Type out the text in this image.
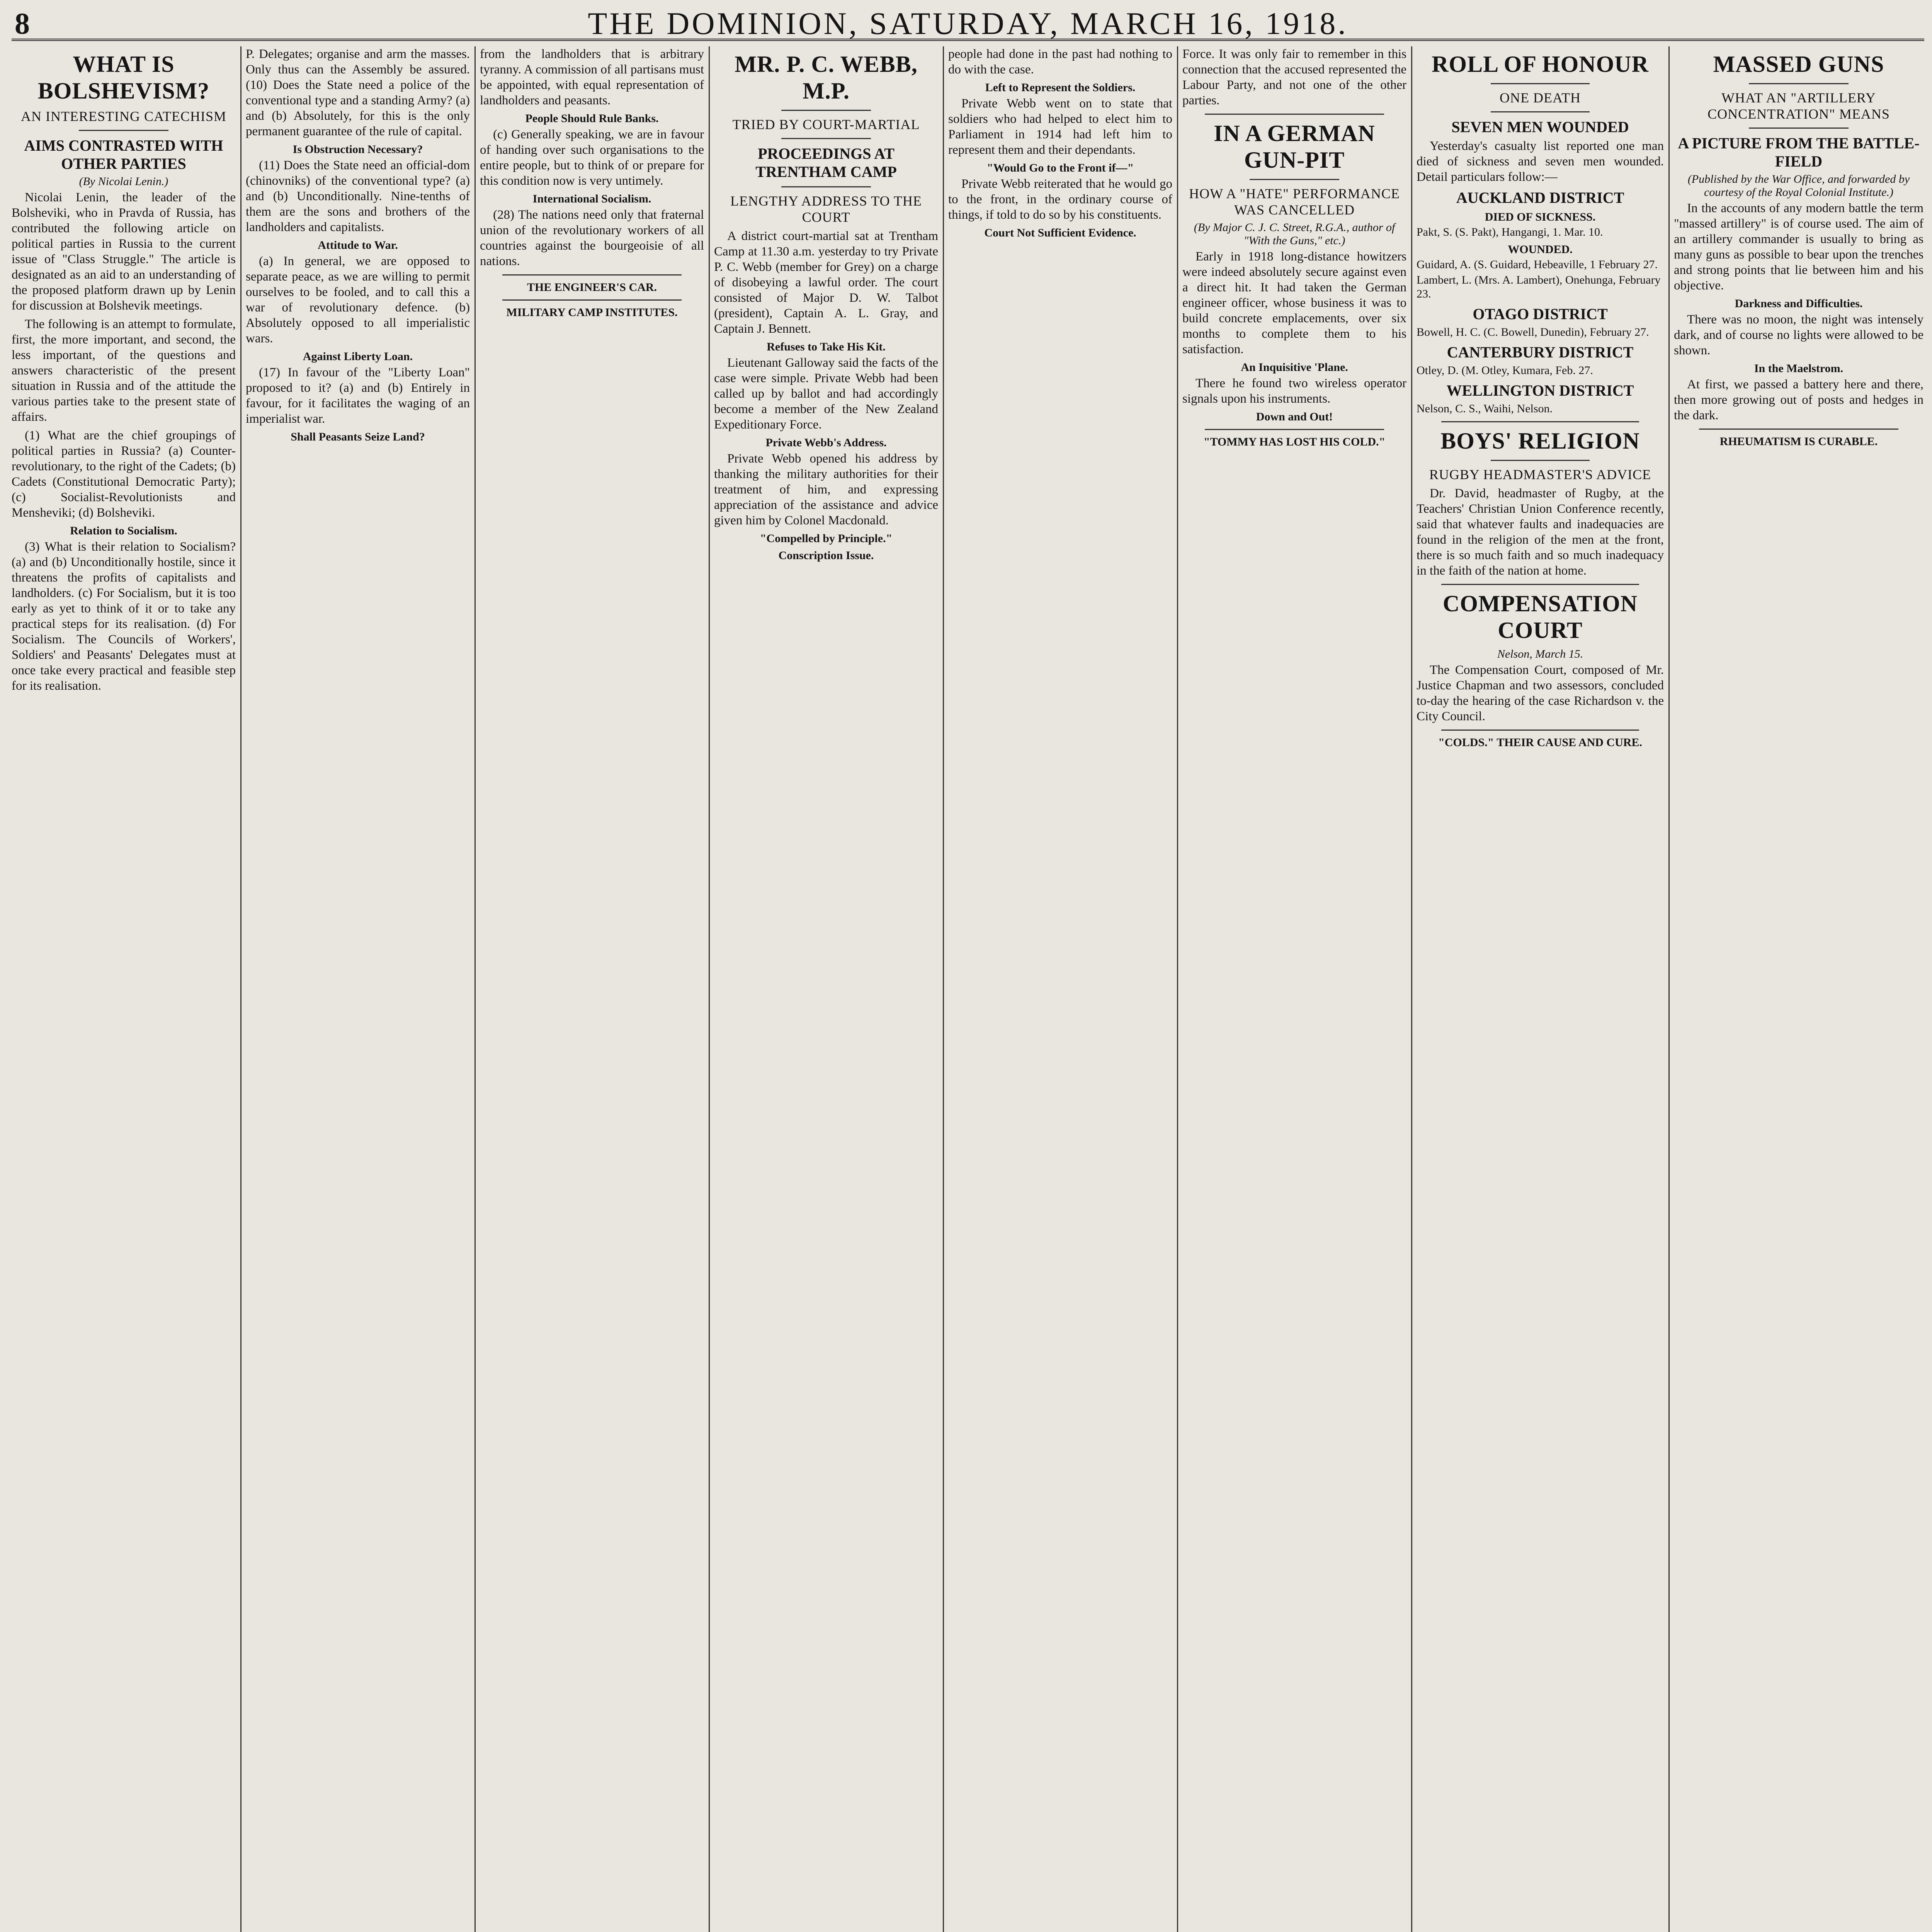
8	THE DOMINION, SATURDAY, MARCH 16, 1918.
WHAT IS BOLSHEVISM?
AN INTERESTING CATECHISM
AIMS CONTRASTED WITH OTHER PARTIES
(By Nicolai Lenin.)

Nicolai Lenin, the leader of the Bolsheviki, who in Pravda of Russia, has contributed the following article on political parties in Russia to the current issue of "Class Struggle." The article is designated as an aid to an understanding of the proposed platform drawn up by Lenin for discussion at Bolshevik meetings.

The following is an attempt to formulate, first, the more important, and second, the less important, of the questions and answers characteristic of the present situation in Russia and of the attitude the various parties take to the present state of affairs.

(1) What are the chief groupings of political parties in Russia? (a) Counter-revolutionary, to the right of the Cadets; (b) Cadets (Constitutional Democratic Party); (c) Socialist-Revolutionists and Mensheviki; (d) Bolsheviki.

Relation to Socialism.

(3) What is their relation to Socialism? (a) and (b) Unconditionally hostile, since it threatens the profits of capitalists and landholders. (c) For Socialism, but it is too early as yet to think of it or to take any practical steps for its realisation. (d) For Socialism. The Councils of Workers', Soldiers' and Peasants' Delegates must at once take every practical and feasible step for its realisation.

P. Delegates; organise and arm the masses. Only thus can the Assembly be assured. (10) Does the State need a police of the conventional type and a standing Army? (a) and (b) Absolutely, for this is the only permanent guarantee of the rule of capital.

Is Obstruction Necessary?

(11) Does the State need an official-dom (chinovniks) of the conventional type? (a) and (b) Unconditionally. Nine-tenths of them are the sons and brothers of the landholders and capitalists.

Attitude to War.

(a) In general, we are opposed to separate peace, as we are willing to permit ourselves to be fooled, and to call this a war of revolutionary defence. (b) Absolutely opposed to all imperialistic wars.

Against Liberty Loan.

(17) In favour of the "Liberty Loan" proposed to it? (a) and (b) Entirely in favour, for it facilitates the waging of an imperialist war.

Shall Peasants Seize Land?

from the landholders that is arbitrary tyranny. A commission of all partisans must be appointed, with equal representation of landholders and peasants.

People Should Rule Banks.

(c) Generally speaking, we are in favour of handing over such organisations to the entire people, but to think of or prepare for this condition now is very untimely.

International Socialism.

(28) The nations need only that fraternal union of the revolutionary workers of all countries against the bourgeoisie of all nations.

THE ENGINEER'S CAR.
MILITARY CAMP INSTITUTES.
MR. P. C. WEBB, M.P.
TRIED BY COURT-MARTIAL
PROCEEDINGS AT TRENTHAM CAMP
LENGTHY ADDRESS TO THE COURT

A district court-martial sat at Trentham Camp at 11.30 a.m. yesterday to try Private P. C. Webb (member for Grey) on a charge of disobeying a lawful order. The court consisted of Major D. W. Talbot (president), Captain A. L. Gray, and Captain J. Bennett.

Refuses to Take His Kit.

Lieutenant Galloway said the facts of the case were simple. Private Webb had been called up by ballot and had accordingly become a member of the New Zealand Expeditionary Force.

Private Webb's Address.

Private Webb opened his address by thanking the military authorities for their treatment of him, and expressing appreciation of the assistance and advice given him by Colonel Macdonald.

"Compelled by Principle."
Conscription Issue.

people had done in the past had nothing to do with the case.

Left to Represent the Soldiers.

Private Webb went on to state that soldiers who had helped to elect him to Parliament in 1914 had left him to represent them and their dependants.

"Would Go to the Front if—"

Private Webb reiterated that he would go to the front, in the ordinary course of things, if told to do so by his constituents.

Court Not Sufficient Evidence.

Force. It was only fair to remember in this connection that the accused represented the Labour Party, and not one of the other parties.

IN A GERMAN GUN-PIT
HOW A "HATE" PERFORMANCE WAS CANCELLED
(By Major C. J. C. Street, R.G.A., author of "With the Guns," etc.)

Early in 1918 long-distance howitzers were indeed absolutely secure against even a direct hit. It had taken the German engineer officer, whose business it was to build concrete emplacements, over six months to complete them to his satisfaction.

An Inquisitive 'Plane.

There he found two wireless operator signals upon his instruments.

Down and Out!
"TOMMY HAS LOST HIS COLD."
ROLL OF HONOUR
ONE DEATH
SEVEN MEN WOUNDED

Yesterday's casualty list reported one man died of sickness and seven men wounded. Detail particulars follow:—

AUCKLAND DISTRICT
DIED OF SICKNESS.
Pakt, S. (S. Pakt), Hangangi, 1. Mar. 10.
WOUNDED.
Guidard, A. (S. Guidard, Hebeaville, 1 February 27.
Lambert, L. (Mrs. A. Lambert), Onehunga, February 23.
OTAGO DISTRICT
Bowell, H. C. (C. Bowell, Dunedin), February 27.
CANTERBURY DISTRICT
Otley, D. (M. Otley, Kumara, Feb. 27.
WELLINGTON DISTRICT
Nelson, C. S., Waihi, Nelson.
BOYS' RELIGION
RUGBY HEADMASTER'S ADVICE

Dr. David, headmaster of Rugby, at the Teachers' Christian Union Conference recently, said that whatever faults and inadequacies are found in the religion of the men at the front, there is so much faith and so much inadequacy in the faith of the nation at home.

COMPENSATION COURT
Nelson, March 15.

The Compensation Court, composed of Mr. Justice Chapman and two assessors, concluded to-day the hearing of the case Richardson v. the City Council.

"COLDS." THEIR CAUSE AND CURE.
MASSED GUNS
WHAT AN "ARTILLERY CONCENTRATION" MEANS
A PICTURE FROM THE BATTLE-FIELD
(Published by the War Office, and forwarded by courtesy of the Royal Colonial Institute.)

In the accounts of any modern battle the term "massed artillery" is of course used. The aim of an artillery commander is usually to bring as many guns as possible to bear upon the trenches and strong points that lie between him and his objective.

Darkness and Difficulties.

There was no moon, the night was intensely dark, and of course no lights were allowed to be shown.

In the Maelstrom.

At first, we passed a battery here and there, then more growing out of posts and hedges in the dark.

RHEUMATISM IS CURABLE.
